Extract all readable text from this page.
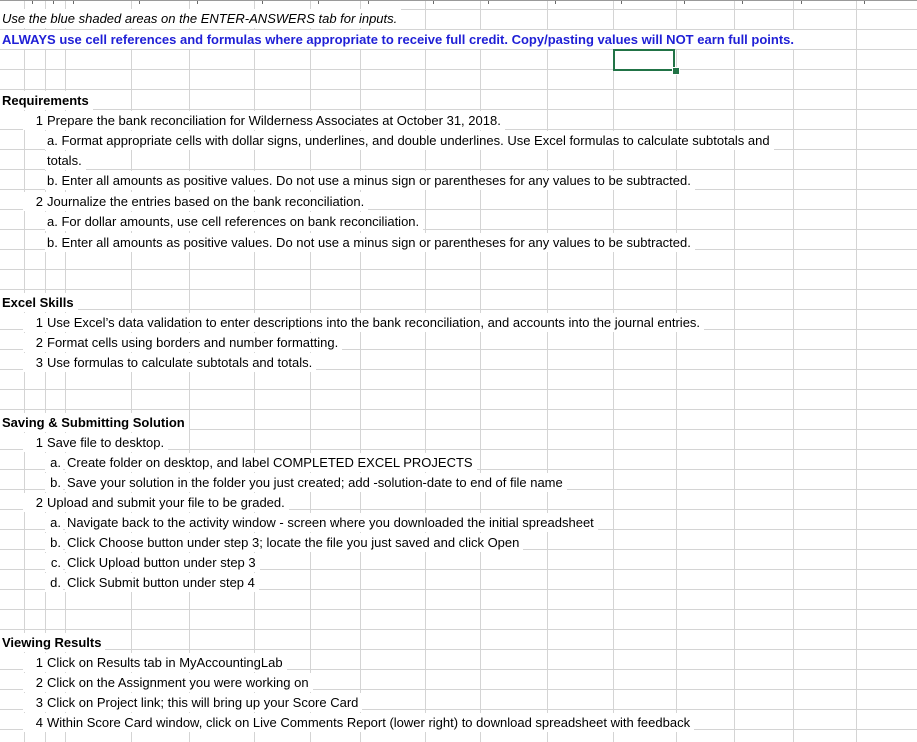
Use the blue shaded areas on the ENTER-ANSWERS tab for inputs.
ALWAYS use cell references and formulas where appropriate to receive full credit. Copy/pasting values will NOT earn full points.
Requirements
1 Prepare the bank reconciliation for Wilderness Associates at October 31, 2018.
a. Format appropriate cells with dollar signs, underlines, and double underlines. Use Excel formulas to calculate subtotals and
totals.
b. Enter all amounts as positive values. Do not use a minus sign or parentheses for any values to be subtracted.
2 Journalize the entries based on the bank reconciliation.
a. For dollar amounts, use cell references on bank reconciliation.
b. Enter all amounts as positive values. Do not use a minus sign or parentheses for any values to be subtracted.
Excel Skills
1 Use Excel’s data validation to enter descriptions into the bank reconciliation, and accounts into the journal entries.
2 Format cells using borders and number formatting.
3 Use formulas to calculate subtotals and totals.
Saving & Submitting Solution
1 Save file to desktop.
a. Create folder on desktop, and label COMPLETED EXCEL PROJECTS
b. Save your solution in the folder you just created; add -solution-date to end of file name
2 Upload and submit your file to be graded.
a. Navigate back to the activity window - screen where you downloaded the initial spreadsheet
b. Click Choose button under step 3; locate the file you just saved and click Open
c. Click Upload button under step 3
d. Click Submit button under step 4
Viewing Results
1 Click on Results tab in MyAccountingLab
2 Click on the Assignment you were working on
3 Click on Project link; this will bring up your Score Card
4 Within Score Card window, click on Live Comments Report (lower right) to download spreadsheet with feedback
